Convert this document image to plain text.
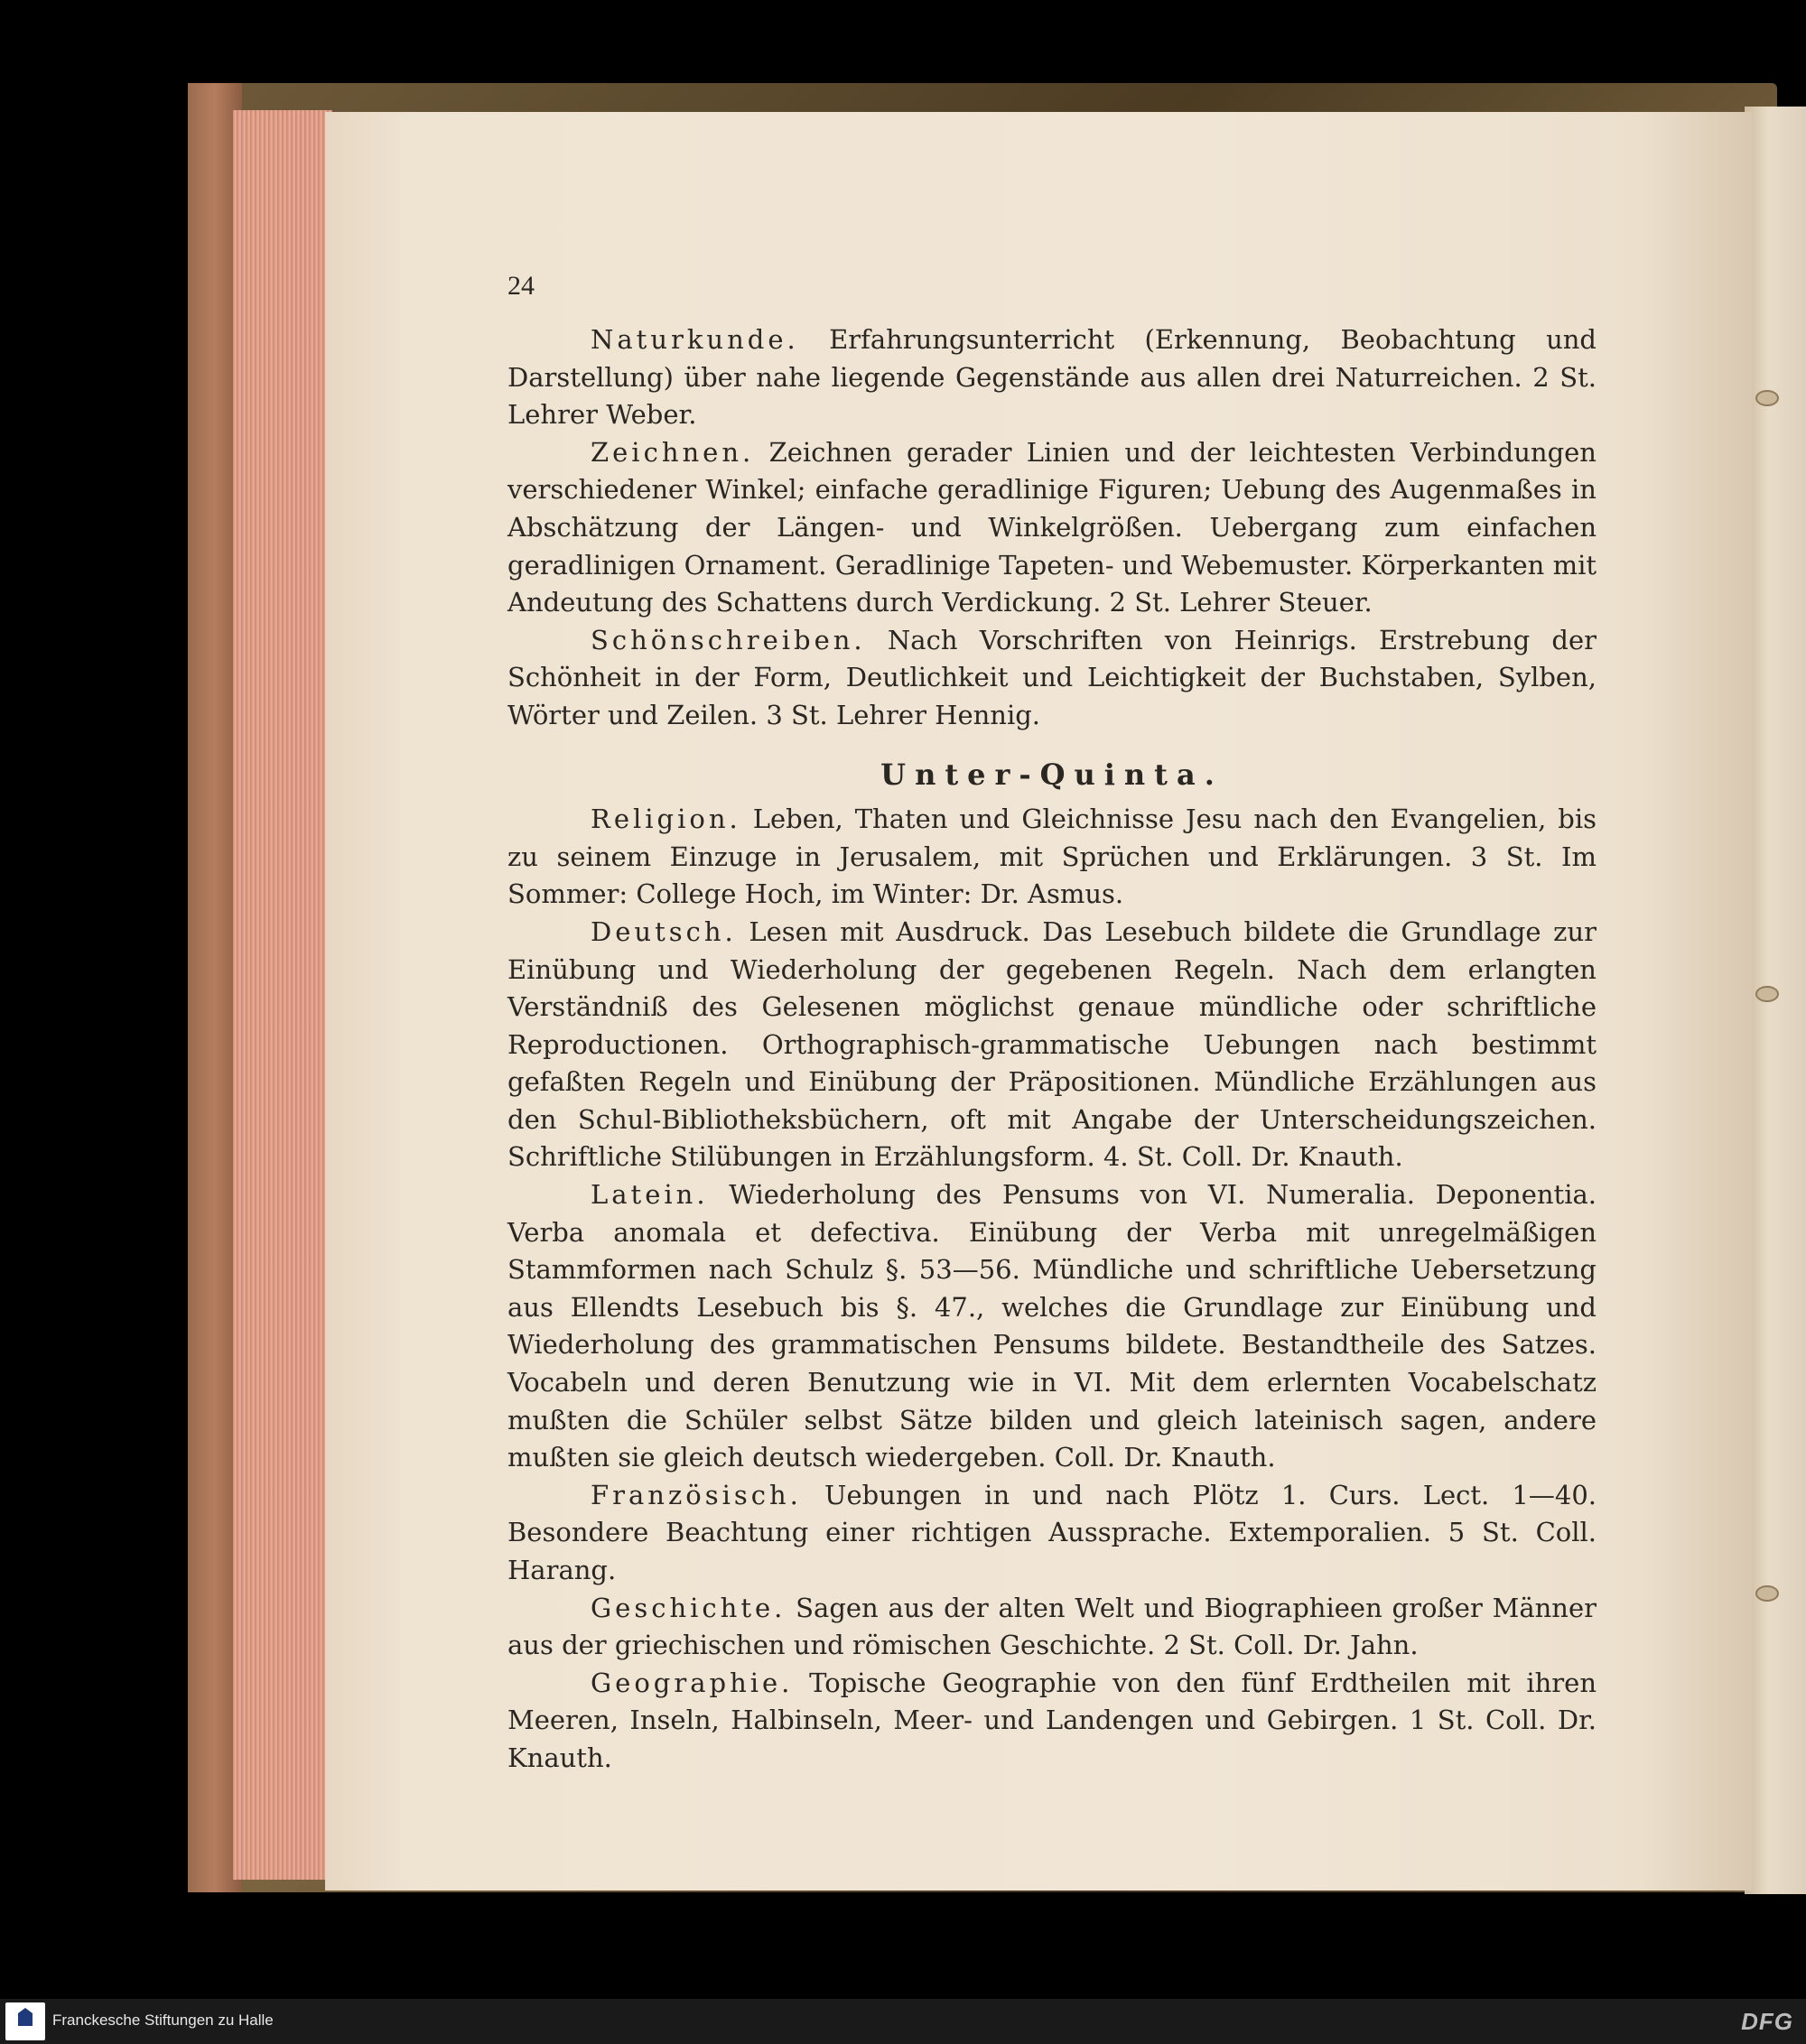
24

Naturkunde. Erfahrungsunterricht (Erkennung, Beobachtung und Darstellung) über nahe liegende Gegenstände aus allen drei Naturreichen. 2 St. Lehrer Weber.

Zeichnen. Zeichnen gerader Linien und der leichtesten Verbindungen verschiedener Winkel; einfache geradlinige Figuren; Uebung des Augenmaßes in Abschätzung der Längen- und Winkelgrößen. Uebergang zum einfachen geradlinigen Ornament. Geradlinige Tapeten- und Webemuster. Körperkanten mit Andeutung des Schattens durch Verdickung. 2 St. Lehrer Steuer.

Schönschreiben. Nach Vorschriften von Heinrigs. Erstrebung der Schönheit in der Form, Deutlichkeit und Leichtigkeit der Buchstaben, Sylben, Wörter und Zeilen. 3 St. Lehrer Hennig.

Unter-Quinta.

Religion. Leben, Thaten und Gleichnisse Jesu nach den Evangelien, bis zu seinem Einzuge in Jerusalem, mit Sprüchen und Erklärungen. 3 St. Im Sommer: College Hoch, im Winter: Dr. Asmus.

Deutsch. Lesen mit Ausdruck. Das Lesebuch bildete die Grundlage zur Einübung und Wiederholung der gegebenen Regeln. Nach dem erlangten Verständniß des Gelesenen möglichst genaue mündliche oder schriftliche Reproductionen. Orthographisch-grammatische Uebungen nach bestimmt gefaßten Regeln und Einübung der Präpositionen. Mündliche Erzählungen aus den Schul-Bibliotheksbüchern, oft mit Angabe der Unterscheidungszeichen. Schriftliche Stilübungen in Erzählungsform. 4. St. Coll. Dr. Knauth.

Latein. Wiederholung des Pensums von VI. Numeralia. Deponentia. Verba anomala et defectiva. Einübung der Verba mit unregelmäßigen Stammformen nach Schulz §. 53—56. Mündliche und schriftliche Uebersetzung aus Ellendts Lesebuch bis §. 47., welches die Grundlage zur Einübung und Wiederholung des grammatischen Pensums bildete. Bestandtheile des Satzes. Vocabeln und deren Benutzung wie in VI. Mit dem erlernten Vocabelschatz mußten die Schüler selbst Sätze bilden und gleich lateinisch sagen, andere mußten sie gleich deutsch wiedergeben. Coll. Dr. Knauth.

Französisch. Uebungen in und nach Plötz 1. Curs. Lect. 1—40. Besondere Beachtung einer richtigen Aussprache. Extemporalien. 5 St. Coll. Harang.

Geschichte. Sagen aus der alten Welt und Biographieen großer Männer aus der griechischen und römischen Geschichte. 2 St. Coll. Dr. Jahn.

Geographie. Topische Geographie von den fünf Erdtheilen mit ihren Meeren, Inseln, Halbinseln, Meer- und Landengen und Gebirgen. 1 St. Coll. Dr. Knauth.

Franckesche Stiftungen zu Halle	DFG
